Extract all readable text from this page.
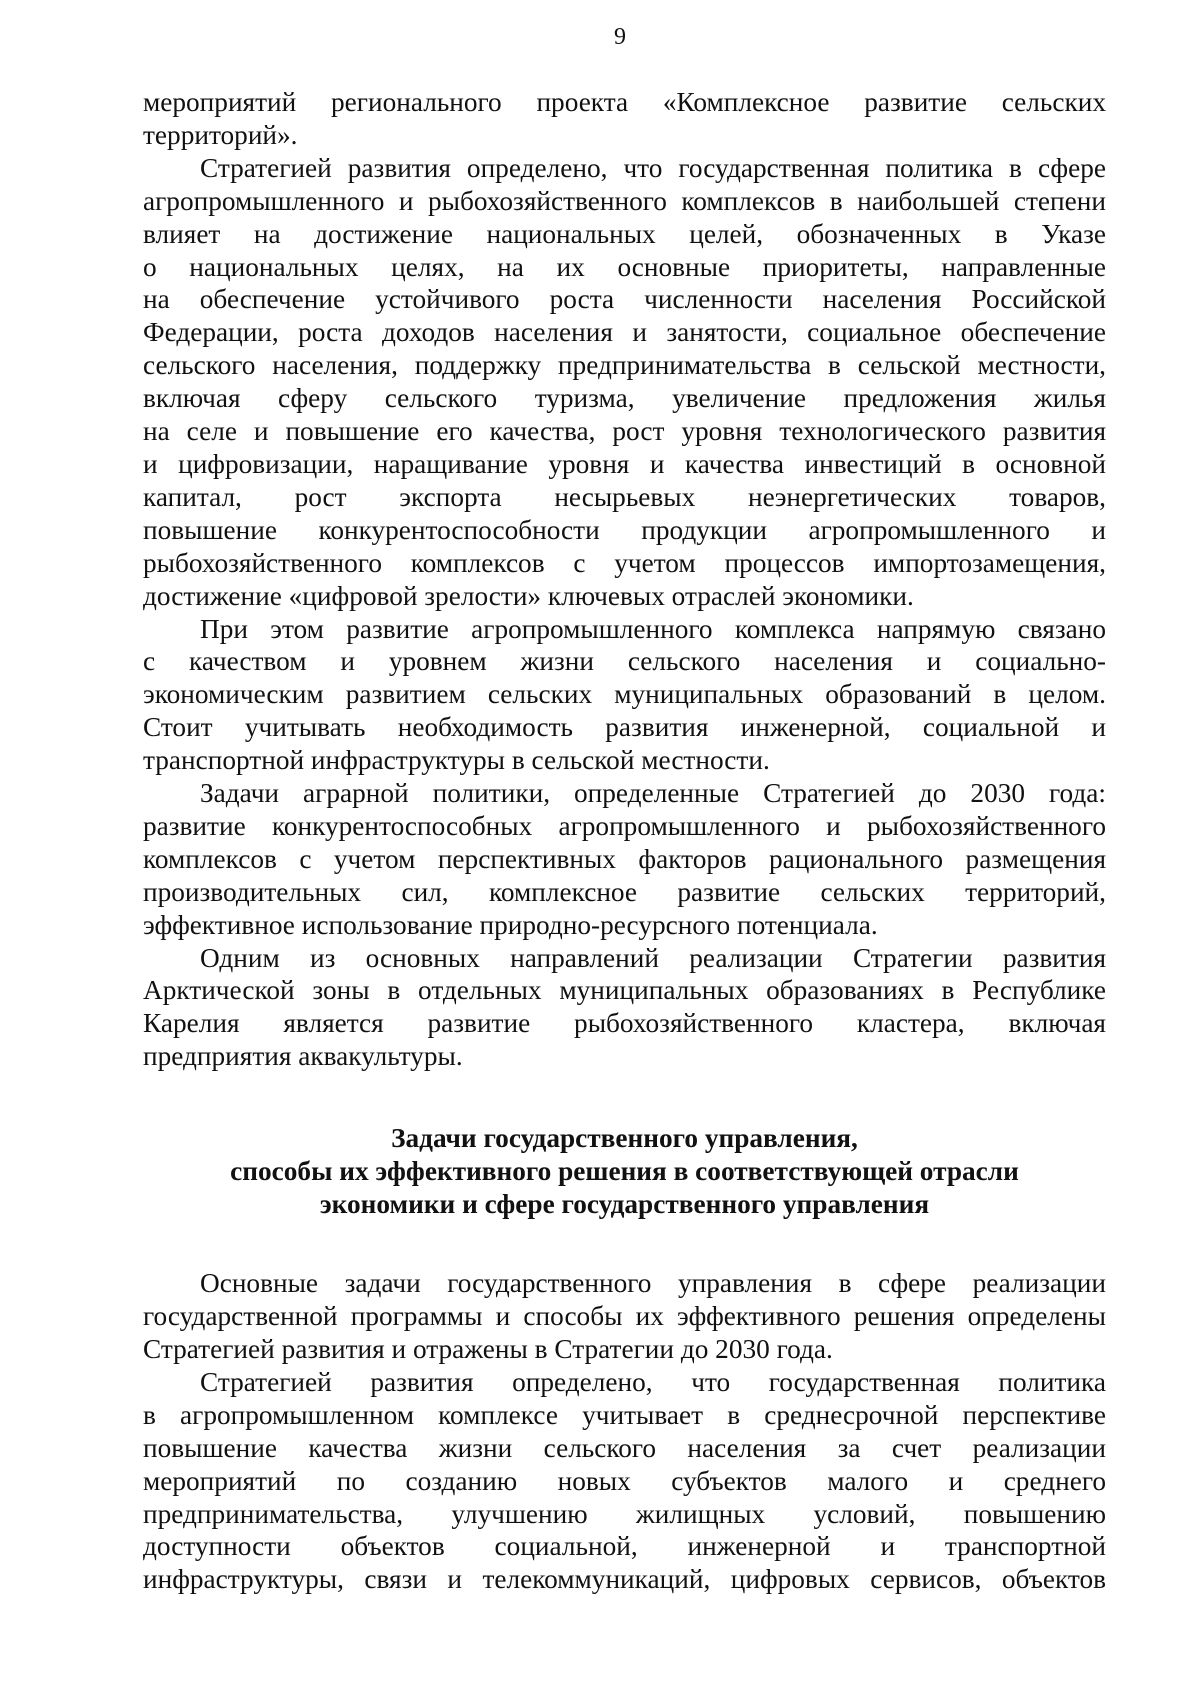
9
мероприятий регионального проекта «Комплексное развитие сельских
территорий».
Стратегией развития определено, что государственная политика в сфере
агропромышленного и рыбохозяйственного комплексов в наибольшей степени
влияет на достижение национальных целей, обозначенных в Указе
о национальных целях, на их основные приоритеты, направленные
на обеспечение устойчивого роста численности населения Российской
Федерации, роста доходов населения и занятости, социальное обеспечение
сельского населения, поддержку предпринимательства в сельской местности,
включая сферу сельского туризма, увеличение предложения жилья
на селе и повышение его качества, рост уровня технологического развития
и цифровизации, наращивание уровня и качества инвестиций в основной
капитал, рост экспорта несырьевых неэнергетических товаров,
повышение конкурентоспособности продукции агропромышленного и
рыбохозяйственного комплексов с учетом процессов импортозамещения,
достижение «цифровой зрелости» ключевых отраслей экономики.
При этом развитие агропромышленного комплекса напрямую связано
с качеством и уровнем жизни сельского населения и социально-
экономическим развитием сельских муниципальных образований в целом.
Стоит учитывать необходимость развития инженерной, социальной и
транспортной инфраструктуры в сельской местности.
Задачи аграрной политики, определенные Стратегией до 2030 года:
развитие конкурентоспособных агропромышленного и рыбохозяйственного
комплексов с учетом перспективных факторов рационального размещения
производительных сил, комплексное развитие сельских территорий,
эффективное использование природно-ресурсного потенциала.
Одним из основных направлений реализации Стратегии развития
Арктической зоны в отдельных муниципальных образованиях в Республике
Карелия является развитие рыбохозяйственного кластера, включая
предприятия аквакультуры.
Задачи государственного управления,
способы их эффективного решения в соответствующей отрасли
экономики и сфере государственного управления
Основные задачи государственного управления в сфере реализации
государственной программы и способы их эффективного решения определены
Стратегией развития и отражены в Стратегии до 2030 года.
Стратегией развития определено, что государственная политика
в агропромышленном комплексе учитывает в среднесрочной перспективе
повышение качества жизни сельского населения за счет реализации
мероприятий по созданию новых субъектов малого и среднего
предпринимательства, улучшению жилищных условий, повышению
доступности объектов социальной, инженерной и транспортной
инфраструктуры, связи и телекоммуникаций, цифровых сервисов, объектов
